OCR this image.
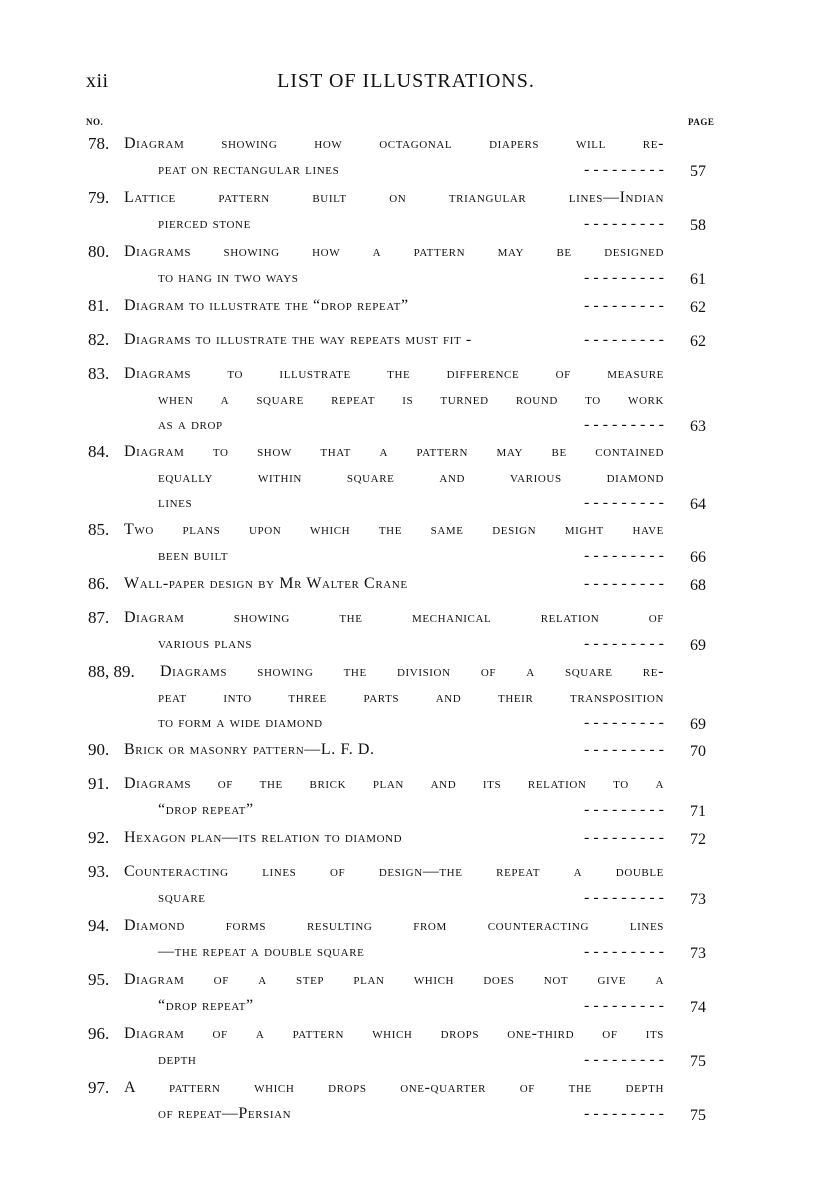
xii	LIST OF ILLUSTRATIONS.
NO.	PAGE
78. Diagram showing how octagonal diapers will re-
peat on rectangular lines	- - - - - - - - - 57
79. Lattice pattern built on triangular lines—Indian
pierced stone	- - - - - - - - - 58
80. Diagrams showing how a pattern may be designed
to hang in two ways	- - - - - - - - - 61
81. Diagram to illustrate the “drop repeat”	- - - - - - - - - 62
82. Diagrams to illustrate the way repeats must fit -	- - - - - - - - - 62
83. Diagrams to illustrate the difference of measure
when a square repeat is turned round to work
as a drop	- - - - - - - - - 63
84. Diagram to show that a pattern may be contained
equally within square and various diamond
lines	- - - - - - - - - 64
85. Two plans upon which the same design might have
been built	- - - - - - - - - 66
86. Wall-paper design by Mr Walter Crane	- - - - - - - - - 68
87. Diagram showing the mechanical relation of
various plans	- - - - - - - - - 69
88, 89. Diagrams showing the division of a square re-
peat into three parts and their transposition
to form a wide diamond	- - - - - - - - - 69
90. Brick or masonry pattern—L. F. D.	- - - - - - - - - 70
91. Diagrams of the brick plan and its relation to a
“drop repeat”	- - - - - - - - - 71
92. Hexagon plan—its relation to diamond	- - - - - - - - - 72
93. Counteracting lines of design—the repeat a double
square	- - - - - - - - - 73
94. Diamond forms resulting from counteracting lines
—the repeat a double square	- - - - - - - - - 73
95. Diagram of a step plan which does not give a
“drop repeat”	- - - - - - - - - 74
96. Diagram of a pattern which drops one-third of its
depth	- - - - - - - - - 75
97. A pattern which drops one-quarter of the depth
of repeat—Persian	- - - - - - - - - 75
